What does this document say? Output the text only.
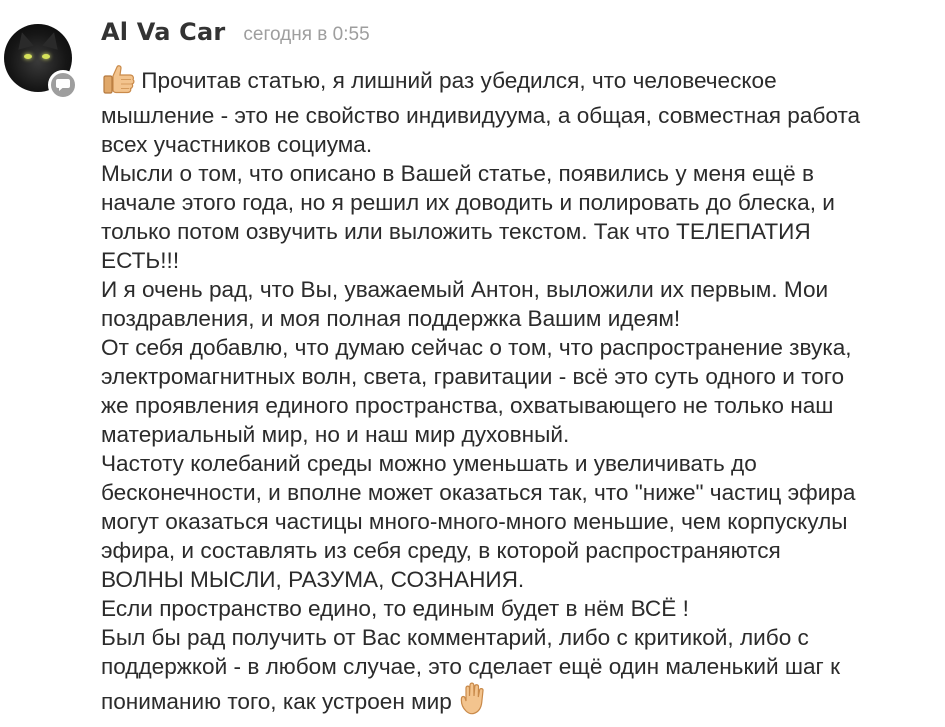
Al Va Car сегодня в 0:55
Прочитав статью, я лишний раз убедился, что человеческое
мышление - это не свойство индивидуума, а общая, совместная работа
всех участников социума.
Мысли о том, что описано в Вашей статье, появились у меня ещё в
начале этого года, но я решил их доводить и полировать до блеска, и
только потом озвучить или выложить текстом. Так что ТЕЛЕПАТИЯ
ЕСТЬ!!!
И я очень рад, что Вы, уважаемый Антон, выложили их первым. Мои
поздравления, и моя полная поддержка Вашим идеям!
От себя добавлю, что думаю сейчас о том, что распространение звука,
электромагнитных волн, света, гравитации - всё это суть одного и того
же проявления единого пространства, охватывающего не только наш
материальный мир, но и наш мир духовный.
Частоту колебаний среды можно уменьшать и увеличивать до
бесконечности, и вполне может оказаться так, что "ниже" частиц эфира
могут оказаться частицы много-много-много меньшие, чем корпускулы
эфира, и составлять из себя среду, в которой распространяются
ВОЛНЫ МЫСЛИ, РАЗУМА, СОЗНАНИЯ.
Если пространство едино, то единым будет в нём ВСЁ !
Был бы рад получить от Вас комментарий, либо с критикой, либо с
поддержкой - в любом случае, это сделает ещё один маленький шаг к
пониманию того, как устроен мир
